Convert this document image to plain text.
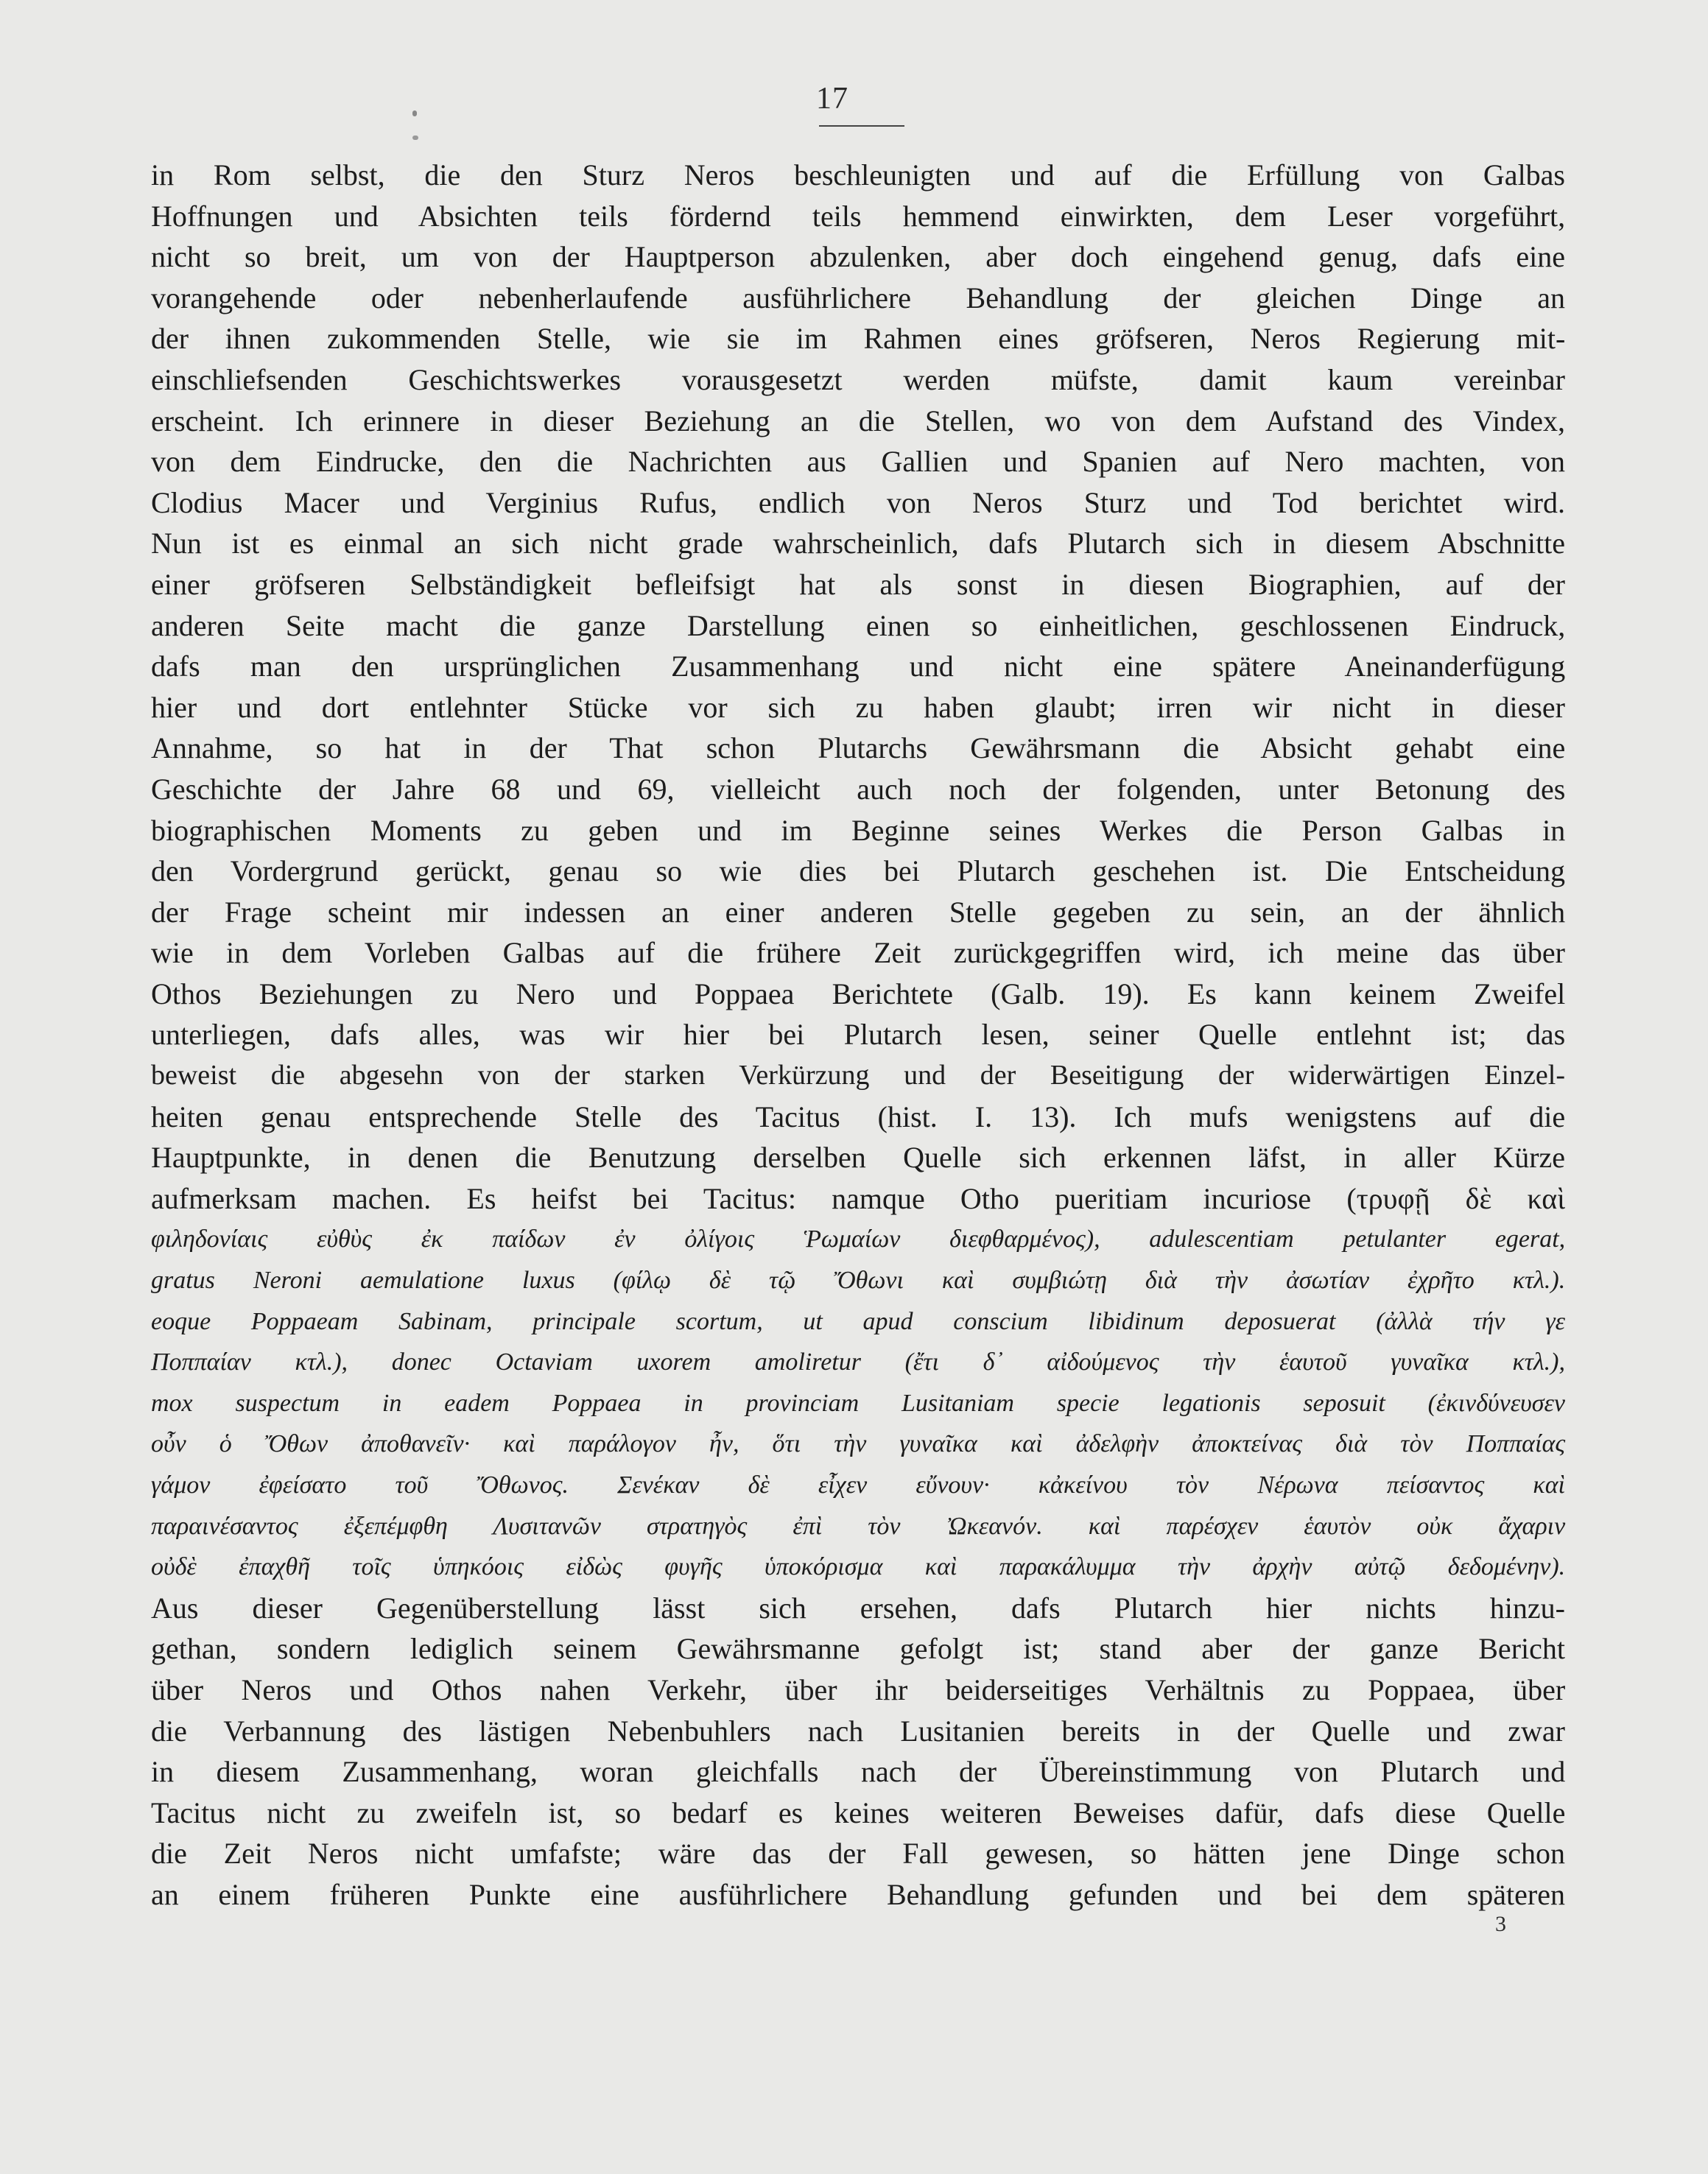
17
in Rom selbst, die den Sturz Neros beschleunigten und auf die Erfüllung von Galbas
Hoffnungen und Absichten teils fördernd teils hemmend einwirkten, dem Leser vorgeführt,
nicht so breit, um von der Hauptperson abzulenken, aber doch eingehend genug, dafs eine
vorangehende oder nebenherlaufende ausführlichere Behandlung der gleichen Dinge an
der ihnen zukommenden Stelle, wie sie im Rahmen eines gröfseren, Neros Regierung mit-
einschliefsenden Geschichtswerkes vorausgesetzt werden müfste, damit kaum vereinbar
erscheint. Ich erinnere in dieser Beziehung an die Stellen, wo von dem Aufstand des Vindex,
von dem Eindrucke, den die Nachrichten aus Gallien und Spanien auf Nero machten, von
Clodius Macer und Verginius Rufus, endlich von Neros Sturz und Tod berichtet wird.
Nun ist es einmal an sich nicht grade wahrscheinlich, dafs Plutarch sich in diesem Abschnitte
einer gröfseren Selbständigkeit befleifsigt hat als sonst in diesen Biographien, auf der
anderen Seite macht die ganze Darstellung einen so einheitlichen, geschlossenen Eindruck,
dafs man den ursprünglichen Zusammenhang und nicht eine spätere Aneinanderfügung
hier und dort entlehnter Stücke vor sich zu haben glaubt; irren wir nicht in dieser
Annahme, so hat in der That schon Plutarchs Gewährsmann die Absicht gehabt eine
Geschichte der Jahre 68 und 69, vielleicht auch noch der folgenden, unter Betonung des
biographischen Moments zu geben und im Beginne seines Werkes die Person Galbas in
den Vordergrund gerückt, genau so wie dies bei Plutarch geschehen ist. Die Entscheidung
der Frage scheint mir indessen an einer anderen Stelle gegeben zu sein, an der ähnlich
wie in dem Vorleben Galbas auf die frühere Zeit zurückgegriffen wird, ich meine das über
Othos Beziehungen zu Nero und Poppaea Berichtete (Galb. 19). Es kann keinem Zweifel
unterliegen, dafs alles, was wir hier bei Plutarch lesen, seiner Quelle entlehnt ist; das
beweist die abgesehn von der starken Verkürzung und der Beseitigung der widerwärtigen Einzel-
heiten genau entsprechende Stelle des Tacitus (hist. I. 13). Ich mufs wenigstens auf die
Hauptpunkte, in denen die Benutzung derselben Quelle sich erkennen läfst, in aller Kürze
aufmerksam machen. Es heifst bei Tacitus: namque Otho pueritiam incuriose (τρυφῇ δὲ καὶ
φιληδονίαις εὐθὺς ἐκ παίδων ἐν ὀλίγοις Ῥωμαίων διεφθαρμένος), adulescentiam petulanter egerat,
gratus Neroni aemulatione luxus (φίλῳ δὲ τῷ Ὄθωνι καὶ συμβιώτῃ διὰ τὴν ἀσωτίαν ἐχρῆτο κτλ.).
eoque Poppaeam Sabinam, principale scortum, ut apud conscium libidinum deposuerat (ἀλλὰ τήν γε
Ποππαίαν κτλ.), donec Octaviam uxorem amoliretur (ἔτι δ᾽ αἰδούμενος τὴν ἑαυτοῦ γυναῖκα κτλ.),
mox suspectum in eadem Poppaea in provinciam Lusitaniam specie legationis seposuit (ἐκινδύνευσεν
οὖν ὁ Ὄθων ἀποθανεῖν· καὶ παράλογον ἦν, ὅτι τὴν γυναῖκα καὶ ἀδελφὴν ἀποκτείνας διὰ τὸν Ποππαίας
γάμον ἐφείσατο τοῦ Ὄθωνος. Σενέκαν δὲ εἶχεν εὔνουν· κἀκείνου τὸν Νέρωνα πείσαντος καὶ
παραινέσαντος ἐξεπέμφθη Λυσιτανῶν στρατηγὸς ἐπὶ τὸν Ὠκεανόν. καὶ παρέσχεν ἑαυτὸν οὐκ ἄχαριν
οὐδὲ ἐπαχθῆ τοῖς ὑπηκόοις εἰδὼς φυγῆς ὑποκόρισμα καὶ παρακάλυμμα τὴν ἀρχὴν αὐτῷ δεδομένην).
Aus dieser Gegenüberstellung lässt sich ersehen, dafs Plutarch hier nichts hinzu-
gethan, sondern lediglich seinem Gewährsmanne gefolgt ist; stand aber der ganze Bericht
über Neros und Othos nahen Verkehr, über ihr beiderseitiges Verhältnis zu Poppaea, über
die Verbannung des lästigen Nebenbuhlers nach Lusitanien bereits in der Quelle und zwar
in diesem Zusammenhang, woran gleichfalls nach der Übereinstimmung von Plutarch und
Tacitus nicht zu zweifeln ist, so bedarf es keines weiteren Beweises dafür, dafs diese Quelle
die Zeit Neros nicht umfafste; wäre das der Fall gewesen, so hätten jene Dinge schon
an einem früheren Punkte eine ausführlichere Behandlung gefunden und bei dem späteren
3
